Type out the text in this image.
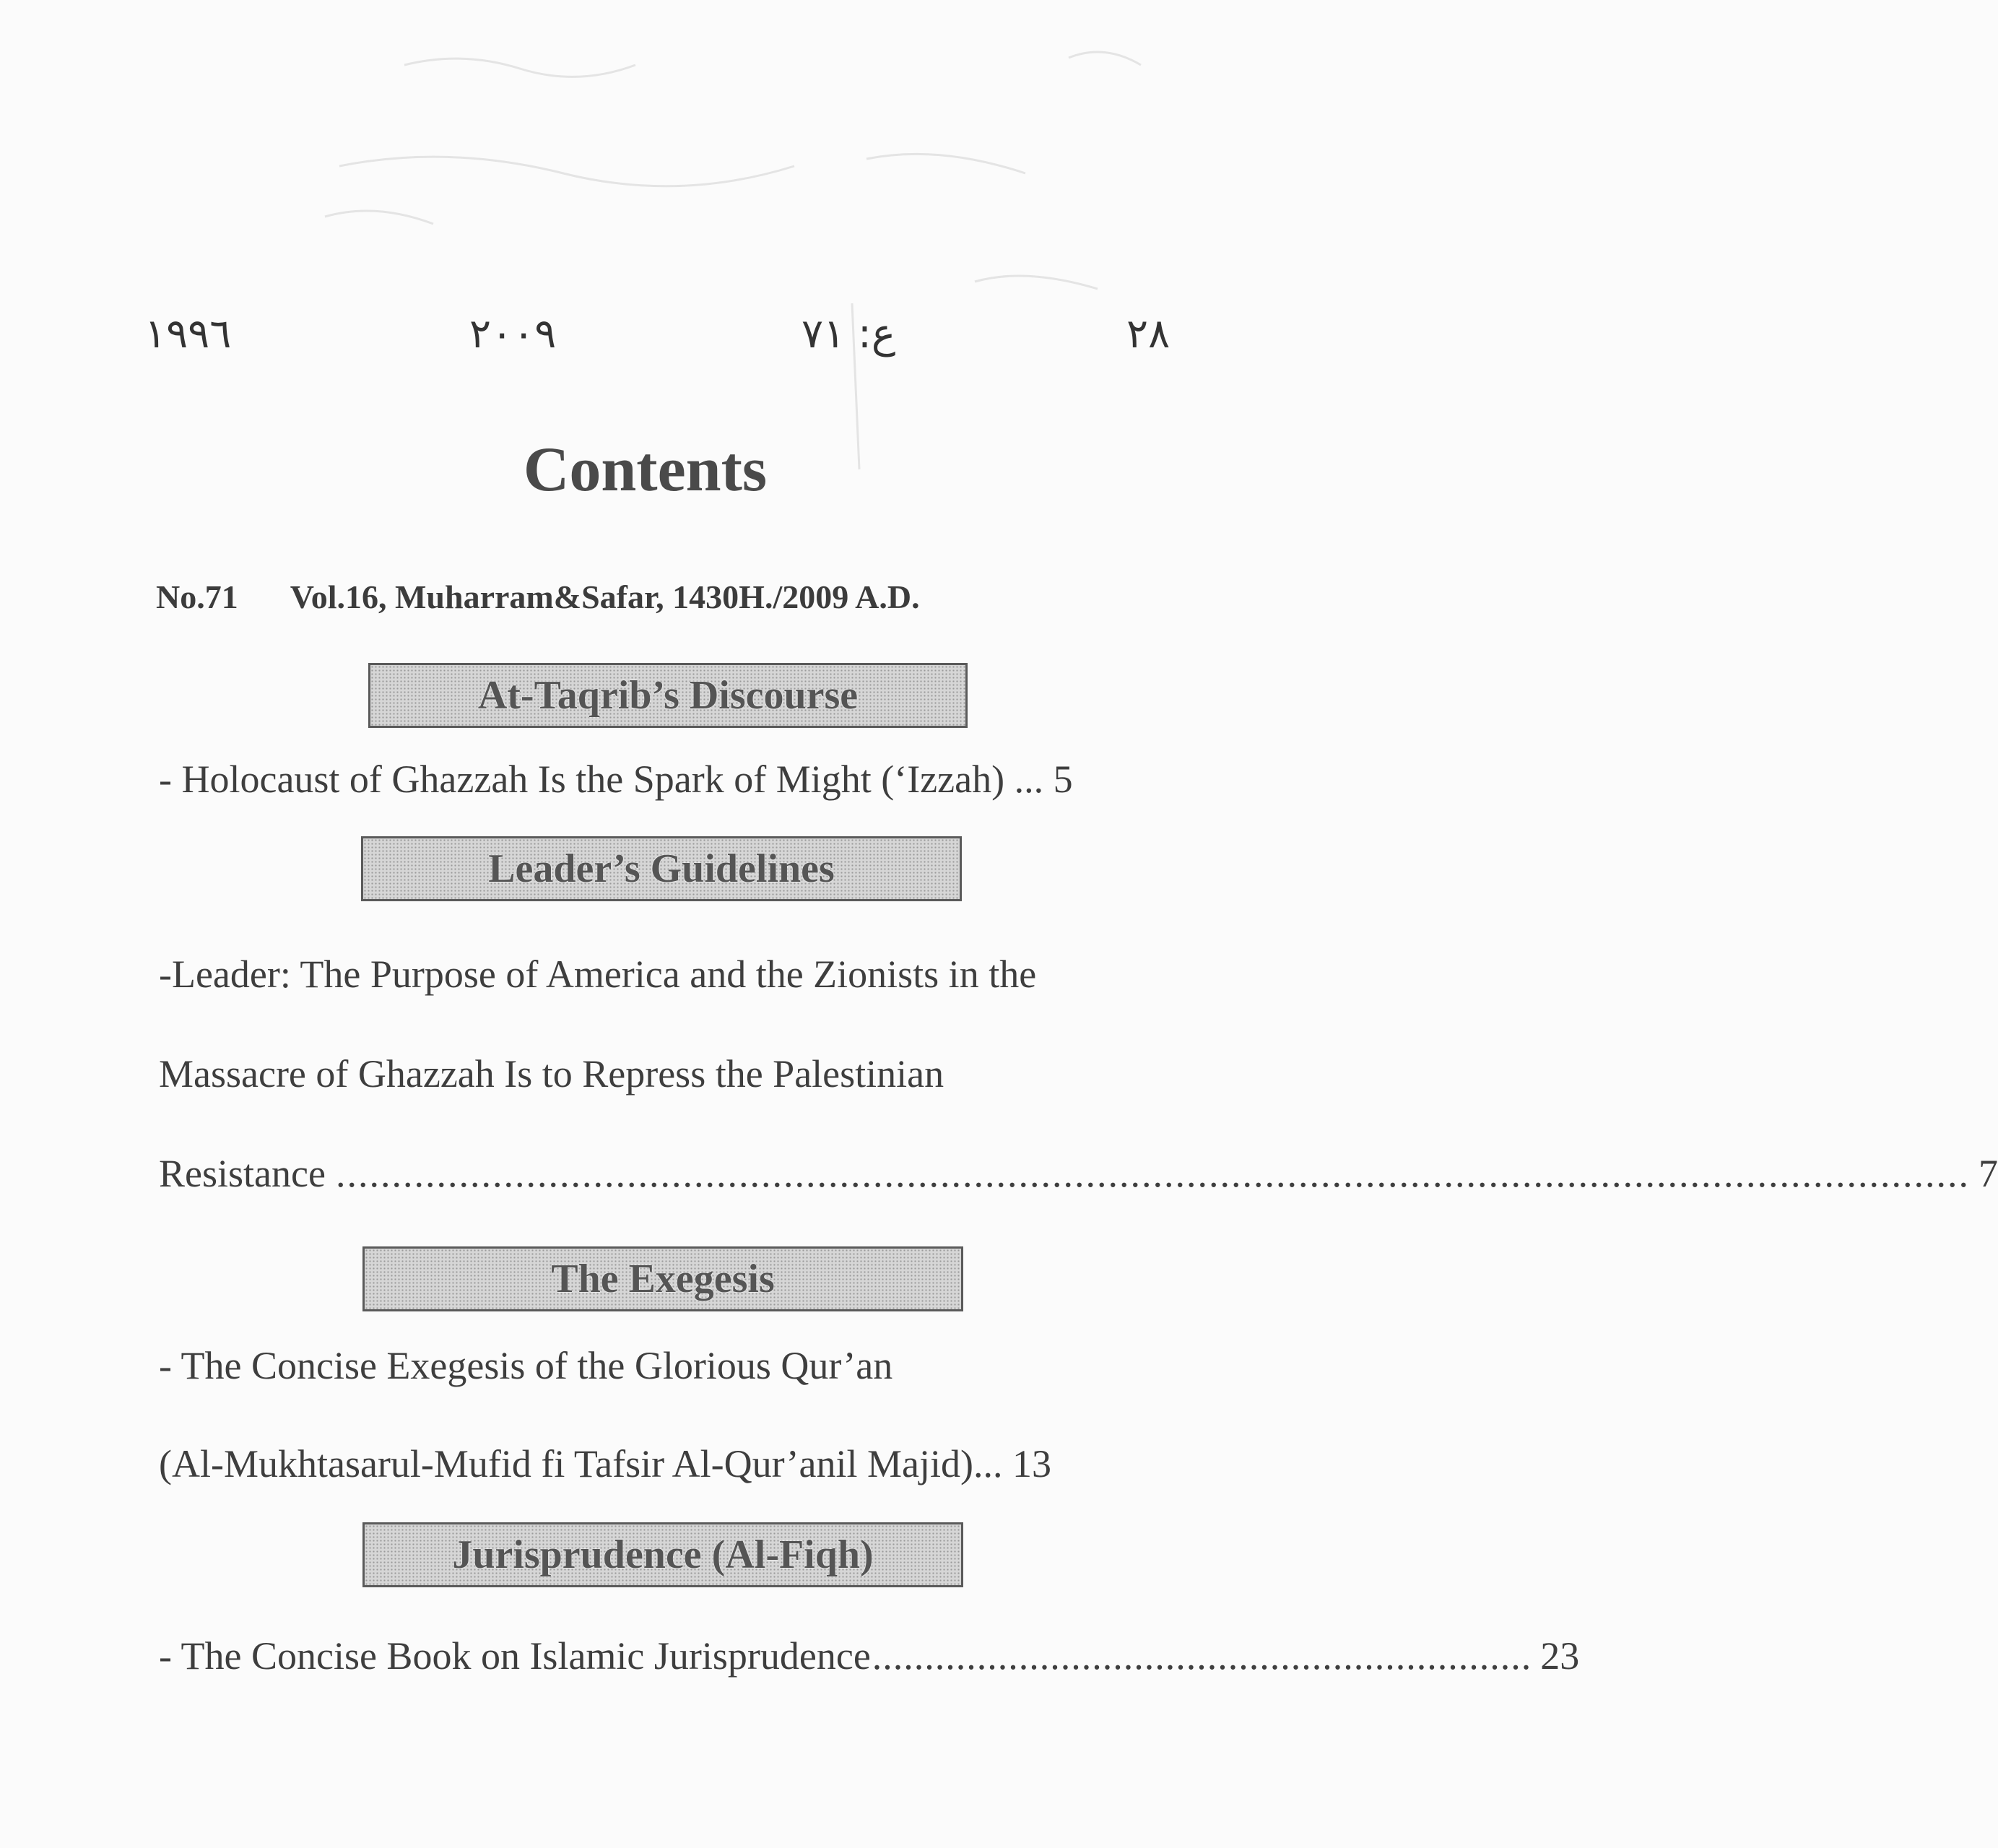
١٩٩٦	٢٠٠٩	ع: ٧١	٢٨
Contents
No.71 Vol.16, Muharram&Safar, 1430H./2009 A.D.
At-Taqrib’s Discourse
- Holocaust of Ghazzah Is the Spark of Might (‘Izzah) ... 5
Leader’s Guidelines
-Leader: The Purpose of America and the Zionists in the
Massacre of Ghazzah Is to Repress the Palestinian
Resistance .................................................................................................................................................. 7
The Exegesis
- The Concise Exegesis of the Glorious Qur’an
(Al-Mukhtasarul-Mufid fi Tafsir Al-Qur’anil Majid)... 13
Jurisprudence (Al-Fiqh)
- The Concise Book on Islamic Jurisprudence ............................................................... 23
